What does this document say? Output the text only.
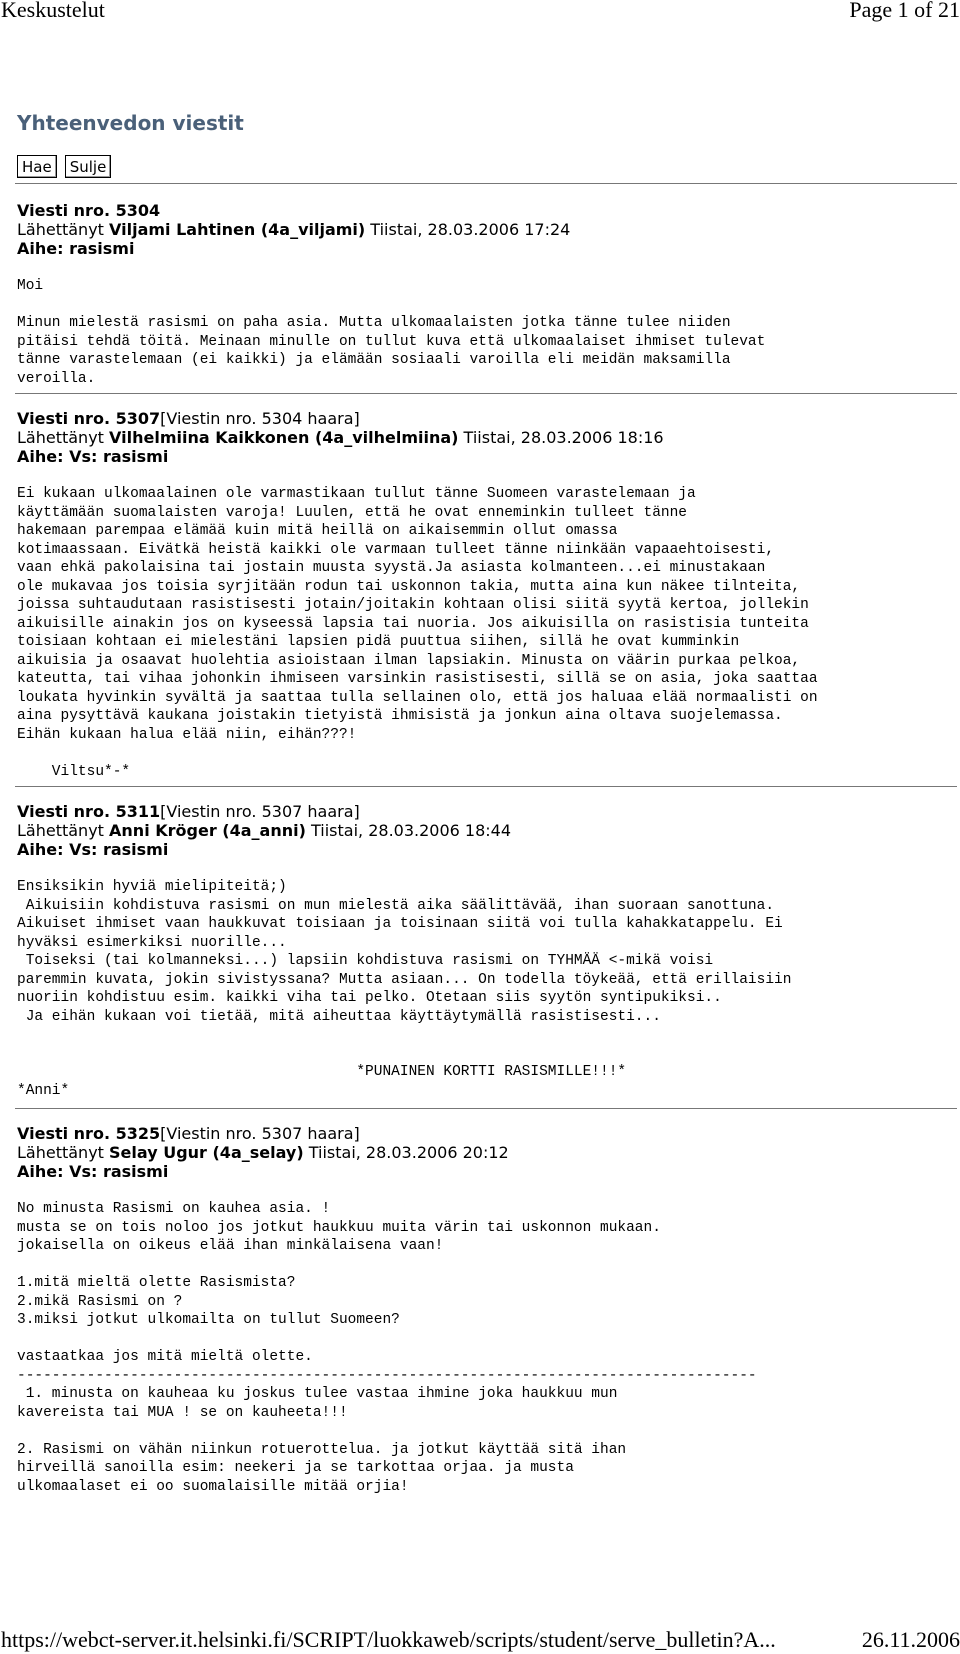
Keskustelut	Page 1 of 21
Yhteenvedon viestit
Hae Sulje
Viesti nro. 5304
Lähettänyt Viljami Lahtinen (4a_viljami) Tiistai, 28.03.2006 17:24
Aihe: rasismi
Moi

Minun mielestä rasismi on paha asia. Mutta ulkomaalaisten jotka tänne tulee niiden
pitäisi tehdä töitä. Meinaan minulle on tullut kuva että ulkomaalaiset ihmiset tulevat
tänne varastelemaan (ei kaikki) ja elämään sosiaali varoilla eli meidän maksamilla
veroilla.
Viesti nro. 5307[Viestin nro. 5304 haara]
Lähettänyt Vilhelmiina Kaikkonen (4a_vilhelmiina) Tiistai, 28.03.2006 18:16
Aihe: Vs: rasismi
Ei kukaan ulkomaalainen ole varmastikaan tullut tänne Suomeen varastelemaan ja
käyttämään suomalaisten varoja! Luulen, että he ovat enneminkin tulleet tänne
hakemaan parempaa elämää kuin mitä heillä on aikaisemmin ollut omassa
kotimaassaan. Eivätkä heistä kaikki ole varmaan tulleet tänne niinkään vapaaehtoisesti,
vaan ehkä pakolaisina tai jostain muusta syystä.Ja asiasta kolmanteen...ei minustakaan
ole mukavaa jos toisia syrjitään rodun tai uskonnon takia, mutta aina kun näkee tilnteita,
joissa suhtaudutaan rasistisesti jotain/joitakin kohtaan olisi siitä syytä kertoa, jollekin
aikuisille ainakin jos on kyseessä lapsia tai nuoria. Jos aikuisilla on rasistisia tunteita
toisiaan kohtaan ei mielestäni lapsien pidä puuttua siihen, sillä he ovat kumminkin
aikuisia ja osaavat huolehtia asioistaan ilman lapsiakin. Minusta on väärin purkaa pelkoa,
kateutta, tai vihaa johonkin ihmiseen varsinkin rasistisesti, sillä se on asia, joka saattaa
loukata hyvinkin syvältä ja saattaa tulla sellainen olo, että jos haluaa elää normaalisti on
aina pysyttävä kaukana joistakin tietyistä ihmisistä ja jonkun aina oltava suojelemassa.
Eihän kukaan halua elää niin, eihän???!

Viltsu*-*
Viesti nro. 5311[Viestin nro. 5307 haara]
Lähettänyt Anni Kröger (4a_anni) Tiistai, 28.03.2006 18:44
Aihe: Vs: rasismi
Ensiksikin hyviä mielipiteitä;)
Aikuisiin kohdistuva rasismi on mun mielestä aika säälittävää, ihan suoraan sanottuna.
Aikuiset ihmiset vaan haukkuvat toisiaan ja toisinaan siitä voi tulla kahakkatappelu. Ei
hyväksi esimerkiksi nuorille...
Toiseksi (tai kolmanneksi...) lapsiin kohdistuva rasismi on TYHMÄÄ <-mikä voisi
paremmin kuvata, jokin sivistyssana? Mutta asiaan... On todella töykeää, että erillaisiin
nuoriin kohdistuu esim. kaikki viha tai pelko. Otetaan siis syytön syntipukiksi..
Ja eihän kukaan voi tietää, mitä aiheuttaa käyttäytymällä rasistisesti...

*PUNAINEN KORTTI RASISMILLE!!!*
*Anni*
Viesti nro. 5325[Viestin nro. 5307 haara]
Lähettänyt Selay Ugur (4a_selay) Tiistai, 28.03.2006 20:12
Aihe: Vs: rasismi
No minusta Rasismi on kauhea asia. !
musta se on tois noloo jos jotkut haukkuu muita värin tai uskonnon mukaan.
jokaisella on oikeus elää ihan minkälaisena vaan!

1.mitä mieltä olette Rasismista?
2.mikä Rasismi on ?
3.miksi jotkut ulkomailta on tullut Suomeen?

vastaatkaa jos mitä mieltä olette.
-------------------------------------------------------------------------------------
1. minusta on kauheaa ku joskus tulee vastaa ihmine joka haukkuu mun
kavereista tai MUA ! se on kauheeta!!!

2. Rasismi on vähän niinkun rotuerottelua. ja jotkut käyttää sitä ihan
hirveillä sanoilla esim: neekeri ja se tarkottaa orjaa. ja musta
ulkomaalaset ei oo suomalaisille mitää orjia!
https://webct-server.it.helsinki.fi/SCRIPT/luokkaweb/scripts/student/serve_bulletin?A...	26.11.2006
